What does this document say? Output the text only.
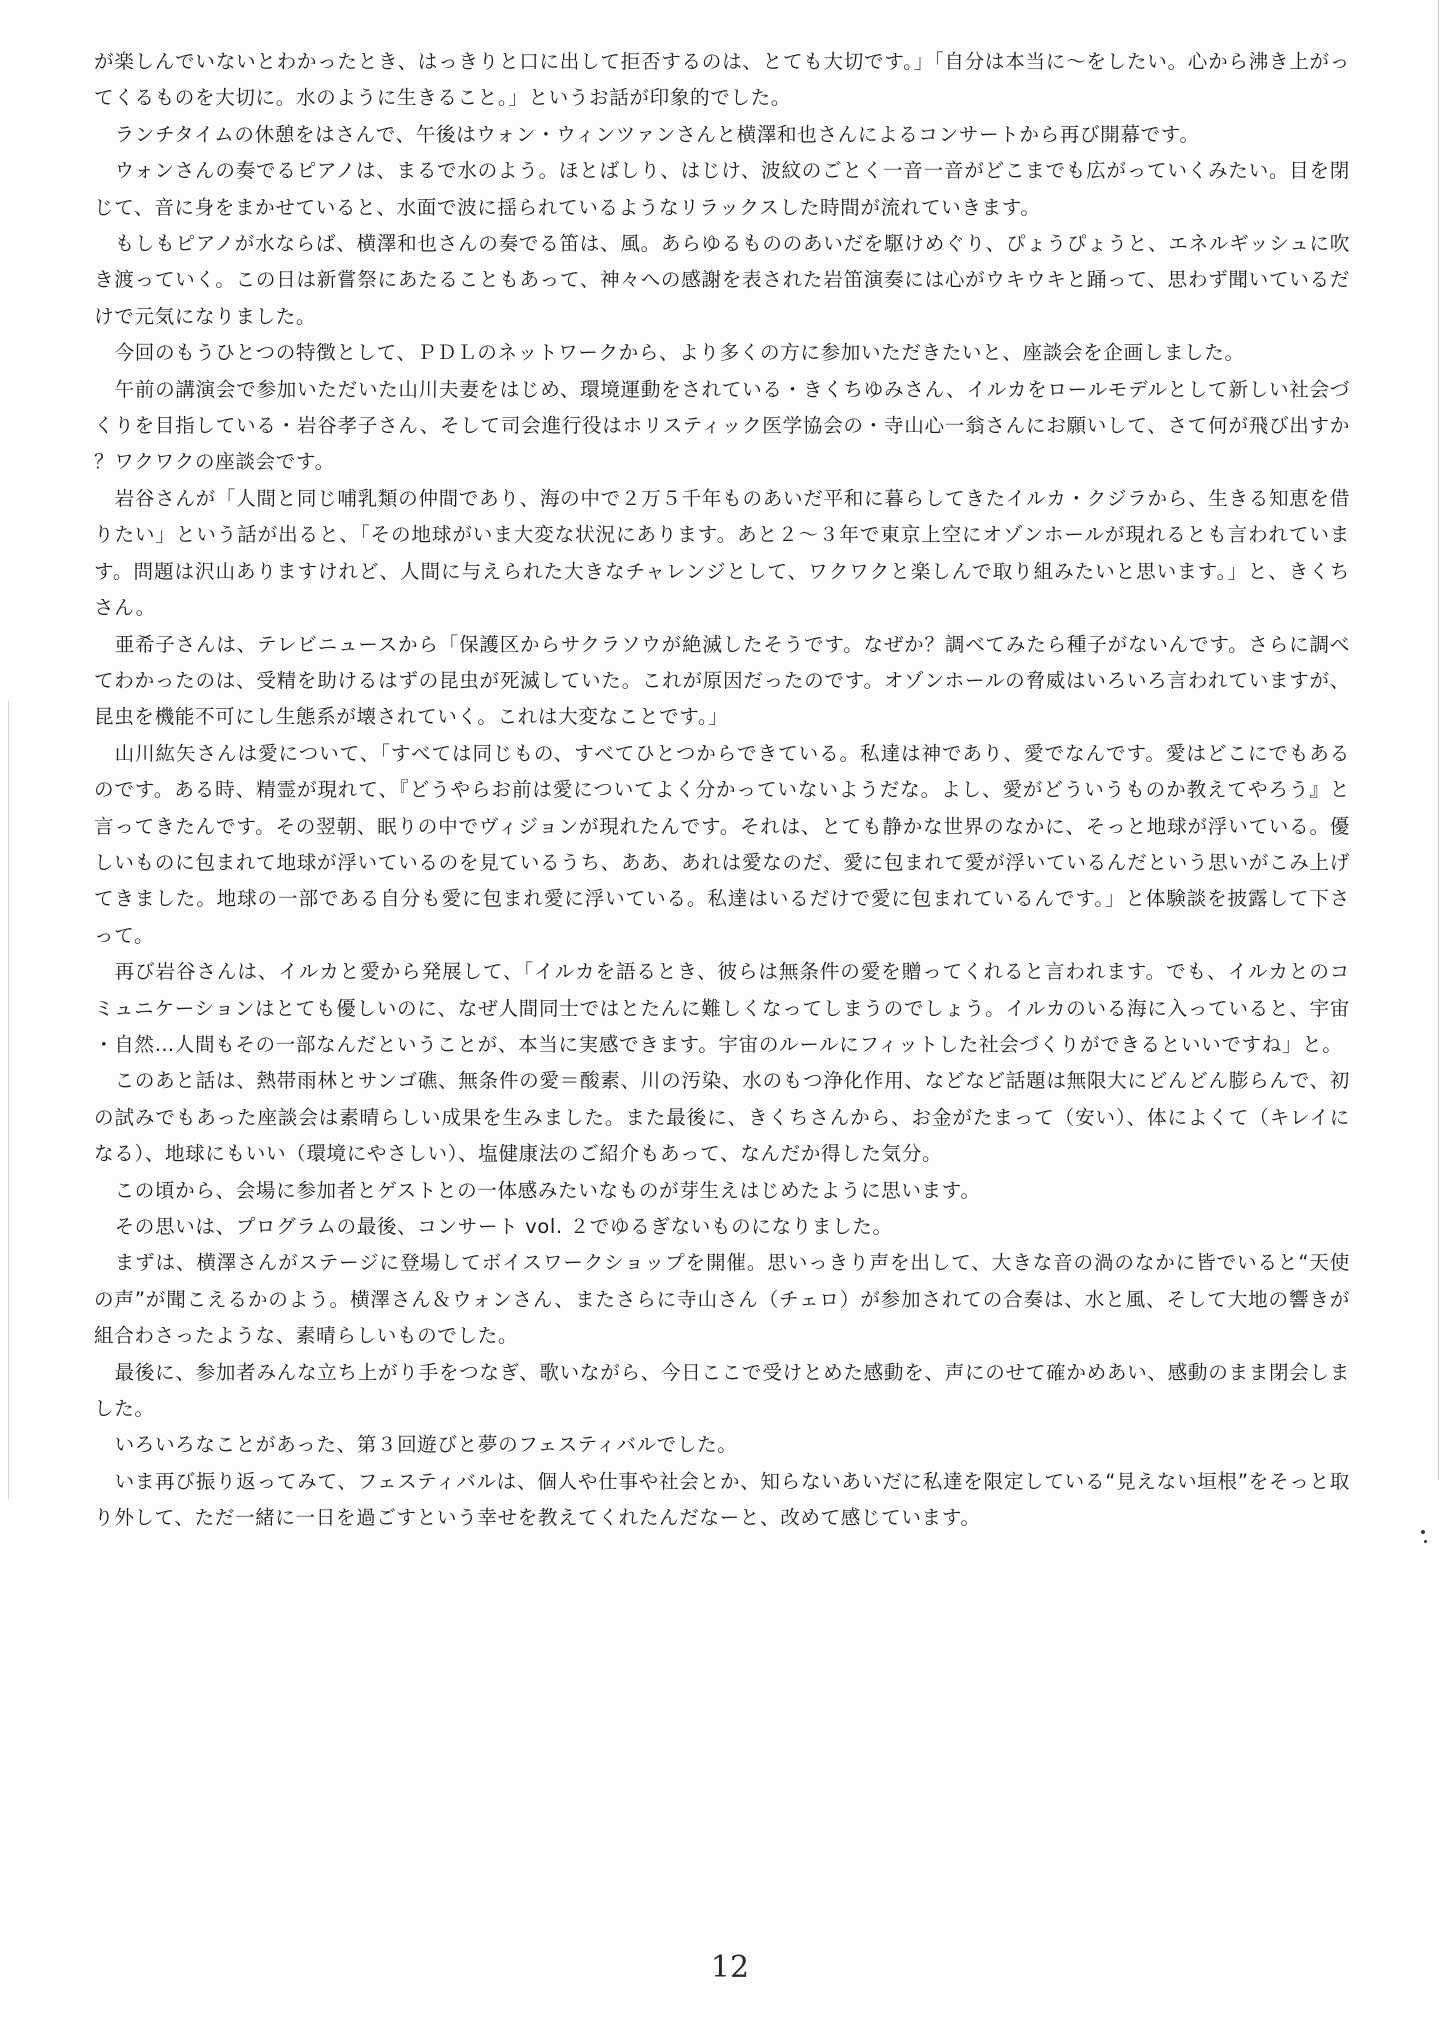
が楽しんでいないとわかったとき、はっきりと口に出して拒否するのは、とても大切です。」「自分は本当に〜をしたい。心から沸き上がってくるものを大切に。水のように生きること。」というお話が印象的でした。

ランチタイムの休憩をはさんで、午後はウォン・ウィンツァンさんと横澤和也さんによるコンサートから再び開幕です。

ウォンさんの奏でるピアノは、まるで水のよう。ほとばしり、はじけ、波紋のごとく一音一音がどこまでも広がっていくみたい。目を閉じて、音に身をまかせていると、水面で波に揺られているようなリラックスした時間が流れていきます。

もしもピアノが水ならば、横澤和也さんの奏でる笛は、風。あらゆるもののあいだを駆けめぐり、ぴょうぴょうと、エネルギッシュに吹き渡っていく。この日は新嘗祭にあたることもあって、神々への感謝を表された岩笛演奏には心がウキウキと踊って、思わず聞いているだけで元気になりました。

今回のもうひとつの特徴として、ＰＤＬのネットワークから、より多くの方に参加いただきたいと、座談会を企画しました。

午前の講演会で参加いただいた山川夫妻をはじめ、環境運動をされている・きくちゆみさん、イルカをロールモデルとして新しい社会づくりを目指している・岩谷孝子さん、そして司会進行役はホリスティック医学協会の・寺山心一翁さんにお願いして、さて何が飛び出すか？ワクワクの座談会です。

岩谷さんが「人間と同じ哺乳類の仲間であり、海の中で２万５千年ものあいだ平和に暮らしてきたイルカ・クジラから、生きる知恵を借りたい」という話が出ると、「その地球がいま大変な状況にあります。あと２〜３年で東京上空にオゾンホールが現れるとも言われています。問題は沢山ありますけれど、人間に与えられた大きなチャレンジとして、ワクワクと楽しんで取り組みたいと思います。」と、きくちさん。

亜希子さんは、テレビニュースから「保護区からサクラソウが絶滅したそうです。なぜか？調べてみたら種子がないんです。さらに調べてわかったのは、受精を助けるはずの昆虫が死滅していた。これが原因だったのです。オゾンホールの脅威はいろいろ言われていますが、昆虫を機能不可にし生態系が壊されていく。これは大変なことです。」

山川紘矢さんは愛について、「すべては同じもの、すべてひとつからできている。私達は神であり、愛でなんです。愛はどこにでもあるのです。ある時、精霊が現れて、『どうやらお前は愛についてよく分かっていないようだな。よし、愛がどういうものか教えてやろう』と言ってきたんです。その翌朝、眠りの中でヴィジョンが現れたんです。それは、とても静かな世界のなかに、そっと地球が浮いている。優しいものに包まれて地球が浮いているのを見ているうち、ああ、あれは愛なのだ、愛に包まれて愛が浮いているんだという思いがこみ上げてきました。地球の一部である自分も愛に包まれ愛に浮いている。私達はいるだけで愛に包まれているんです。」と体験談を披露して下さって。

再び岩谷さんは、イルカと愛から発展して、「イルカを語るとき、彼らは無条件の愛を贈ってくれると言われます。でも、イルカとのコミュニケーションはとても優しいのに、なぜ人間同士ではとたんに難しくなってしまうのでしょう。イルカのいる海に入っていると、宇宙・自然…人間もその一部なんだということが、本当に実感できます。宇宙のルールにフィットした社会づくりができるといいですね」と。

このあと話は、熱帯雨林とサンゴ礁、無条件の愛＝酸素、川の汚染、水のもつ浄化作用、などなど話題は無限大にどんどん膨らんで、初の試みでもあった座談会は素晴らしい成果を生みました。また最後に、きくちさんから、お金がたまって（安い）、体によくて（キレイになる）、地球にもいい（環境にやさしい）、塩健康法のご紹介もあって、なんだか得した気分。

この頃から、会場に参加者とゲストとの一体感みたいなものが芽生えはじめたように思います。

その思いは、プログラムの最後、コンサート vol. ２でゆるぎないものになりました。

まずは、横澤さんがステージに登場してボイスワークショップを開催。思いっきり声を出して、大きな音の渦のなかに皆でいると“天使の声”が聞こえるかのよう。横澤さん＆ウォンさん、またさらに寺山さん（チェロ）が参加されての合奏は、水と風、そして大地の響きが組合わさったような、素晴らしいものでした。

最後に、参加者みんな立ち上がり手をつなぎ、歌いながら、今日ここで受けとめた感動を、声にのせて確かめあい、感動のまま閉会しました。

いろいろなことがあった、第３回遊びと夢のフェスティバルでした。

いま再び振り返ってみて、フェスティバルは、個人や仕事や社会とか、知らないあいだに私達を限定している“見えない垣根”をそっと取り外して、ただ一緒に一日を過ごすという幸せを教えてくれたんだなーと、改めて感じています。

12
